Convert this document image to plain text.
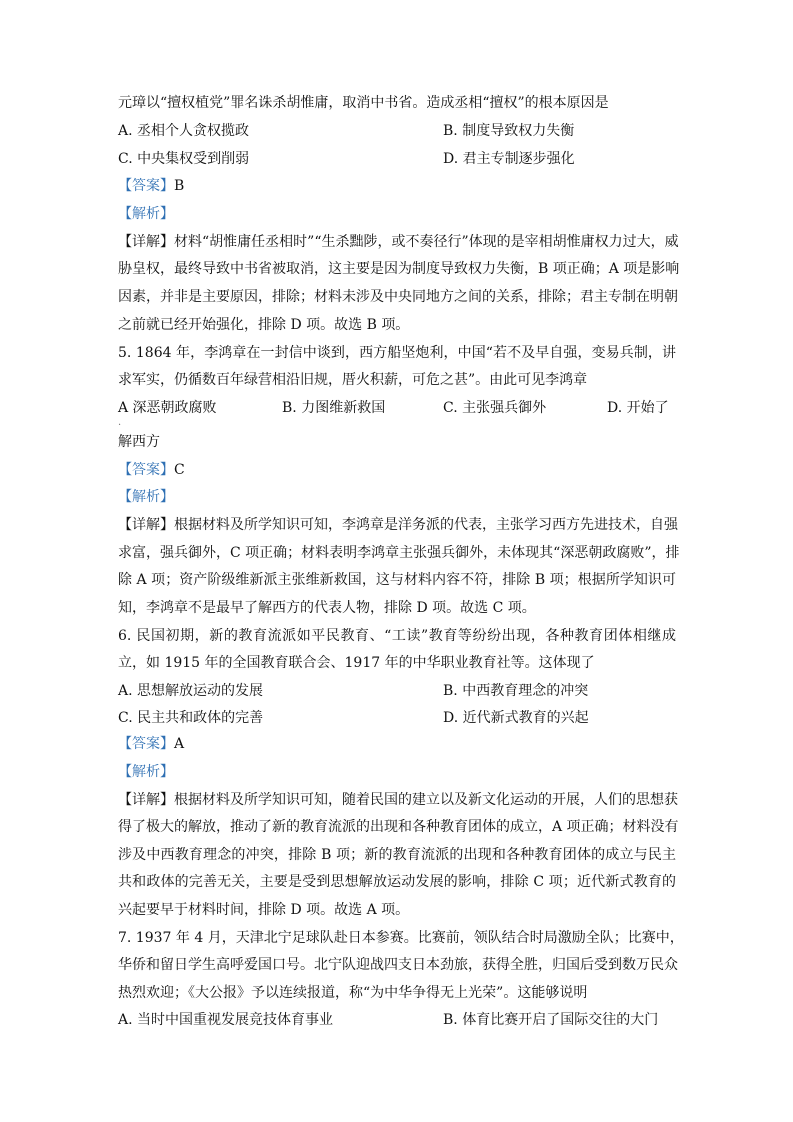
元璋以“擅权植党”罪名诛杀胡惟庸，取消中书省。造成丞相“擅权”的根本原因是
A. 丞相个人贪权揽政	B. 制度导致权力失衡
C. 中央集权受到削弱	D. 君主专制逐步强化
【答案】B
【解析】
【详解】材料“胡惟庸任丞相时”“生杀黜陟，或不奏径行”体现的是宰相胡惟庸权力过大，威
胁皇权，最终导致中书省被取消，这主要是因为制度导致权力失衡，B 项正确；A 项是影响
因素，并非是主要原因，排除；材料未涉及中央同地方之间的关系，排除；君主专制在明朝
之前就已经开始强化，排除 D 项。故选 B 项。
5. 1864 年，李鸿章在一封信中谈到，西方船坚炮利，中国“若不及早自强，变易兵制，讲
求军实，仍循数百年绿营相沿旧规，厝火积薪，可危之甚”。由此可见李鸿章
A 深恶朝政腐败	B. 力图维新救国	C. 主张强兵御外	D. 开始了
·
解西方
【答案】C
【解析】
【详解】根据材料及所学知识可知，李鸿章是洋务派的代表，主张学习西方先进技术，自强
求富，强兵御外，C 项正确；材料表明李鸿章主张强兵御外，未体现其“深恶朝政腐败”，排
除 A 项；资产阶级维新派主张维新救国，这与材料内容不符，排除 B 项；根据所学知识可
知，李鸿章不是最早了解西方的代表人物，排除 D 项。故选 C 项。
6. 民国初期，新的教育流派如平民教育、“工读”教育等纷纷出现，各种教育团体相继成
立，如 1915 年的全国教育联合会、1917 年的中华职业教育社等。这体现了
A. 思想解放运动的发展	B. 中西教育理念的冲突
C. 民主共和政体的完善	D. 近代新式教育的兴起
【答案】A
【解析】
【详解】根据材料及所学知识可知，随着民国的建立以及新文化运动的开展，人们的思想获
得了极大的解放，推动了新的教育流派的出现和各种教育团体的成立，A 项正确；材料没有
涉及中西教育理念的冲突，排除 B 项；新的教育流派的出现和各种教育团体的成立与民主
共和政体的完善无关，主要是受到思想解放运动发展的影响，排除 C 项；近代新式教育的
兴起要早于材料时间，排除 D 项。故选 A 项。
7. 1937 年 4 月，天津北宁足球队赴日本参赛。比赛前，领队结合时局激励全队；比赛中，
华侨和留日学生高呼爱国口号。北宁队迎战四支日本劲旅，获得全胜，归国后受到数万民众
热烈欢迎；《大公报》予以连续报道，称“为中华争得无上光荣”。这能够说明
A. 当时中国重视发展竞技体育事业	B. 体育比赛开启了国际交往的大门
